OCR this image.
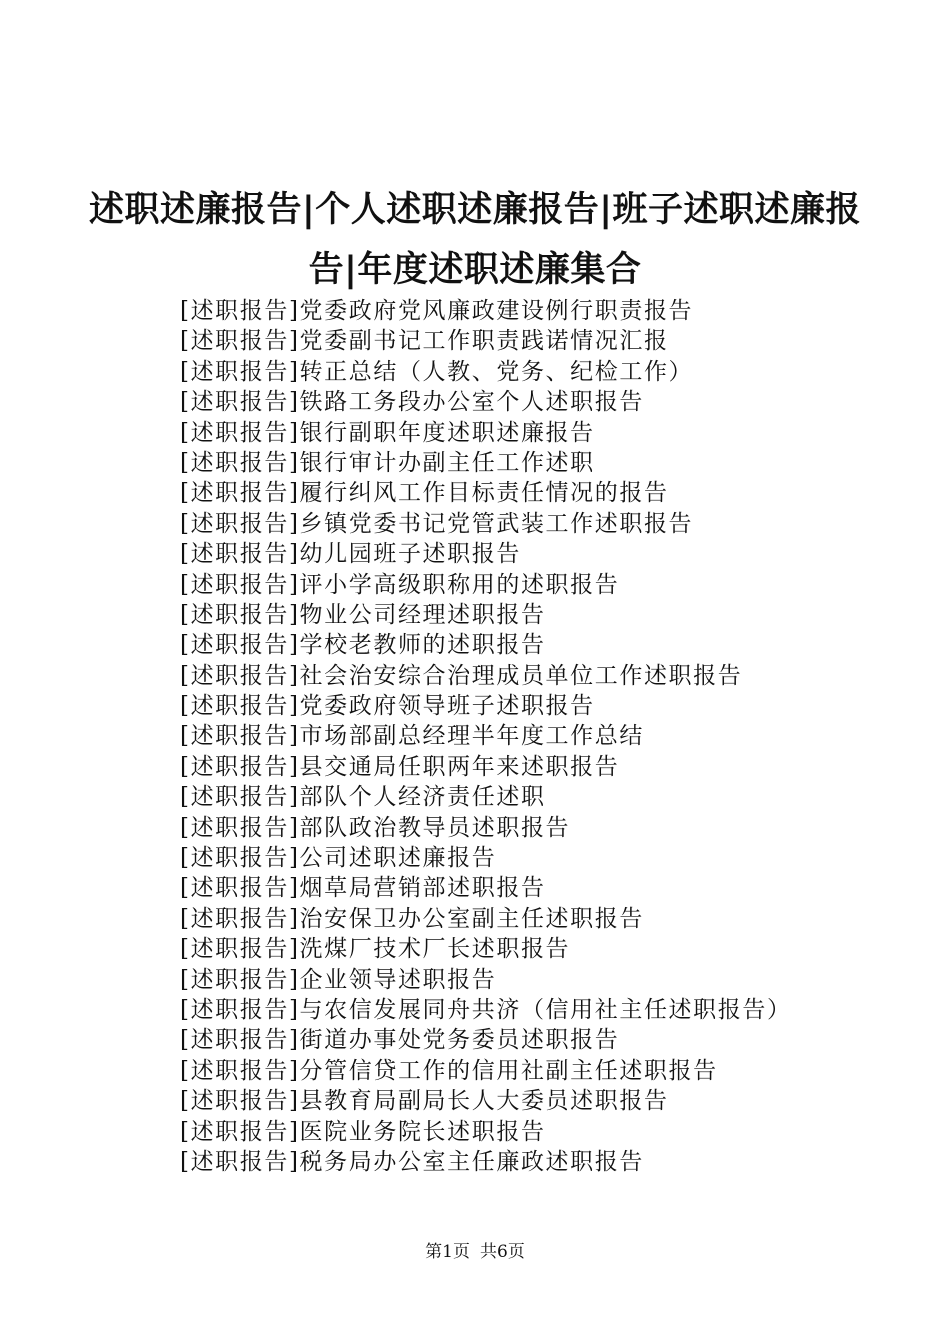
述职述廉报告|个人述职述廉报告|班子述职述廉报告|年度述职述廉集合
[述职报告]党委政府党风廉政建设例行职责报告
[述职报告]党委副书记工作职责践诺情况汇报
[述职报告]转正总结（人教、党务、纪检工作）
[述职报告]铁路工务段办公室个人述职报告
[述职报告]银行副职年度述职述廉报告
[述职报告]银行审计办副主任工作述职
[述职报告]履行纠风工作目标责任情况的报告
[述职报告]乡镇党委书记党管武装工作述职报告
[述职报告]幼儿园班子述职报告
[述职报告]评小学高级职称用的述职报告
[述职报告]物业公司经理述职报告
[述职报告]学校老教师的述职报告
[述职报告]社会治安综合治理成员单位工作述职报告
[述职报告]党委政府领导班子述职报告
[述职报告]市场部副总经理半年度工作总结
[述职报告]县交通局任职两年来述职报告
[述职报告]部队个人经济责任述职
[述职报告]部队政治教导员述职报告
[述职报告]公司述职述廉报告
[述职报告]烟草局营销部述职报告
[述职报告]治安保卫办公室副主任述职报告
[述职报告]洗煤厂技术厂长述职报告
[述职报告]企业领导述职报告
[述职报告]与农信发展同舟共济（信用社主任述职报告）
[述职报告]街道办事处党务委员述职报告
[述职报告]分管信贷工作的信用社副主任述职报告
[述职报告]县教育局副局长人大委员述职报告
[述职报告]医院业务院长述职报告
[述职报告]税务局办公室主任廉政述职报告
第1页 共6页
